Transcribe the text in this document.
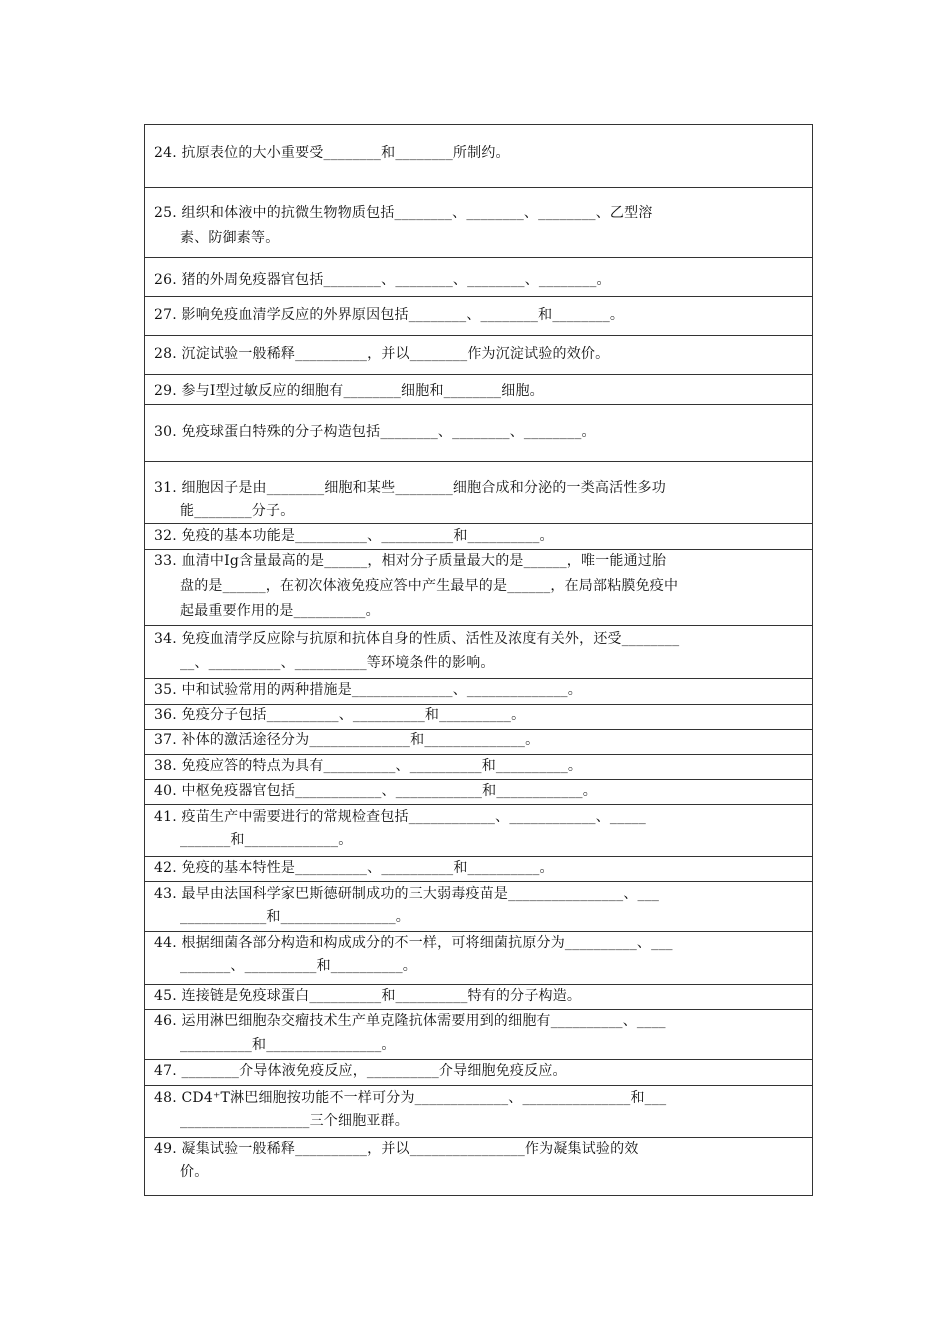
24. 抗原表位的大小重要受________和________所制约。
25. 组织和体液中的抗微生物物质包括________、________、________、乙型溶
素、防御素等。
26. 猪的外周免疫器官包括________、________、________、________。
27. 影响免疫血清学反应的外界原因包括________、________和________。
28. 沉淀试验一般稀释__________，并以________作为沉淀试验的效价。
29. 参与Ⅰ型过敏反应的细胞有________细胞和________细胞。
30. 免疫球蛋白特殊的分子构造包括________、________、________。
31. 细胞因子是由________细胞和某些________细胞合成和分泌的一类高活性多功
能________分子。
32. 免疫的基本功能是__________、__________和__________。
33. 血清中Ig含量最高的是______，相对分子质量最大的是______，唯一能通过胎
盘的是______，在初次体液免疫应答中产生最早的是______，在局部粘膜免疫中
起最重要作用的是__________。
34. 免疫血清学反应除与抗原和抗体自身的性质、活性及浓度有关外，还受________
__、__________、__________等环境条件的影响。
35. 中和试验常用的两种措施是______________、______________。
36. 免疫分子包括__________、__________和__________。
37. 补体的激活途径分为______________和______________。
38. 免疫应答的特点为具有__________、__________和__________。
40. 中枢免疫器官包括____________、____________和____________。
41. 疫苗生产中需要进行的常规检查包括____________、____________、_____
_______和_____________。
42. 免疫的基本特性是__________、__________和__________。
43. 最早由法国科学家巴斯德研制成功的三大弱毒疫苗是________________、___
____________和________________。
44. 根据细菌各部分构造和构成成分的不一样，可将细菌抗原分为__________、___
_______、__________和__________。
45. 连接链是免疫球蛋白__________和__________特有的分子构造。
46. 运用淋巴细胞杂交瘤技术生产单克隆抗体需要用到的细胞有__________、____
__________和________________。
47. ________介导体液免疫反应，__________介导细胞免疫反应。
48. CD4⁺T淋巴细胞按功能不一样可分为_____________、_______________和___
__________________三个细胞亚群。
49. 凝集试验一般稀释__________，并以________________作为凝集试验的效
价。
